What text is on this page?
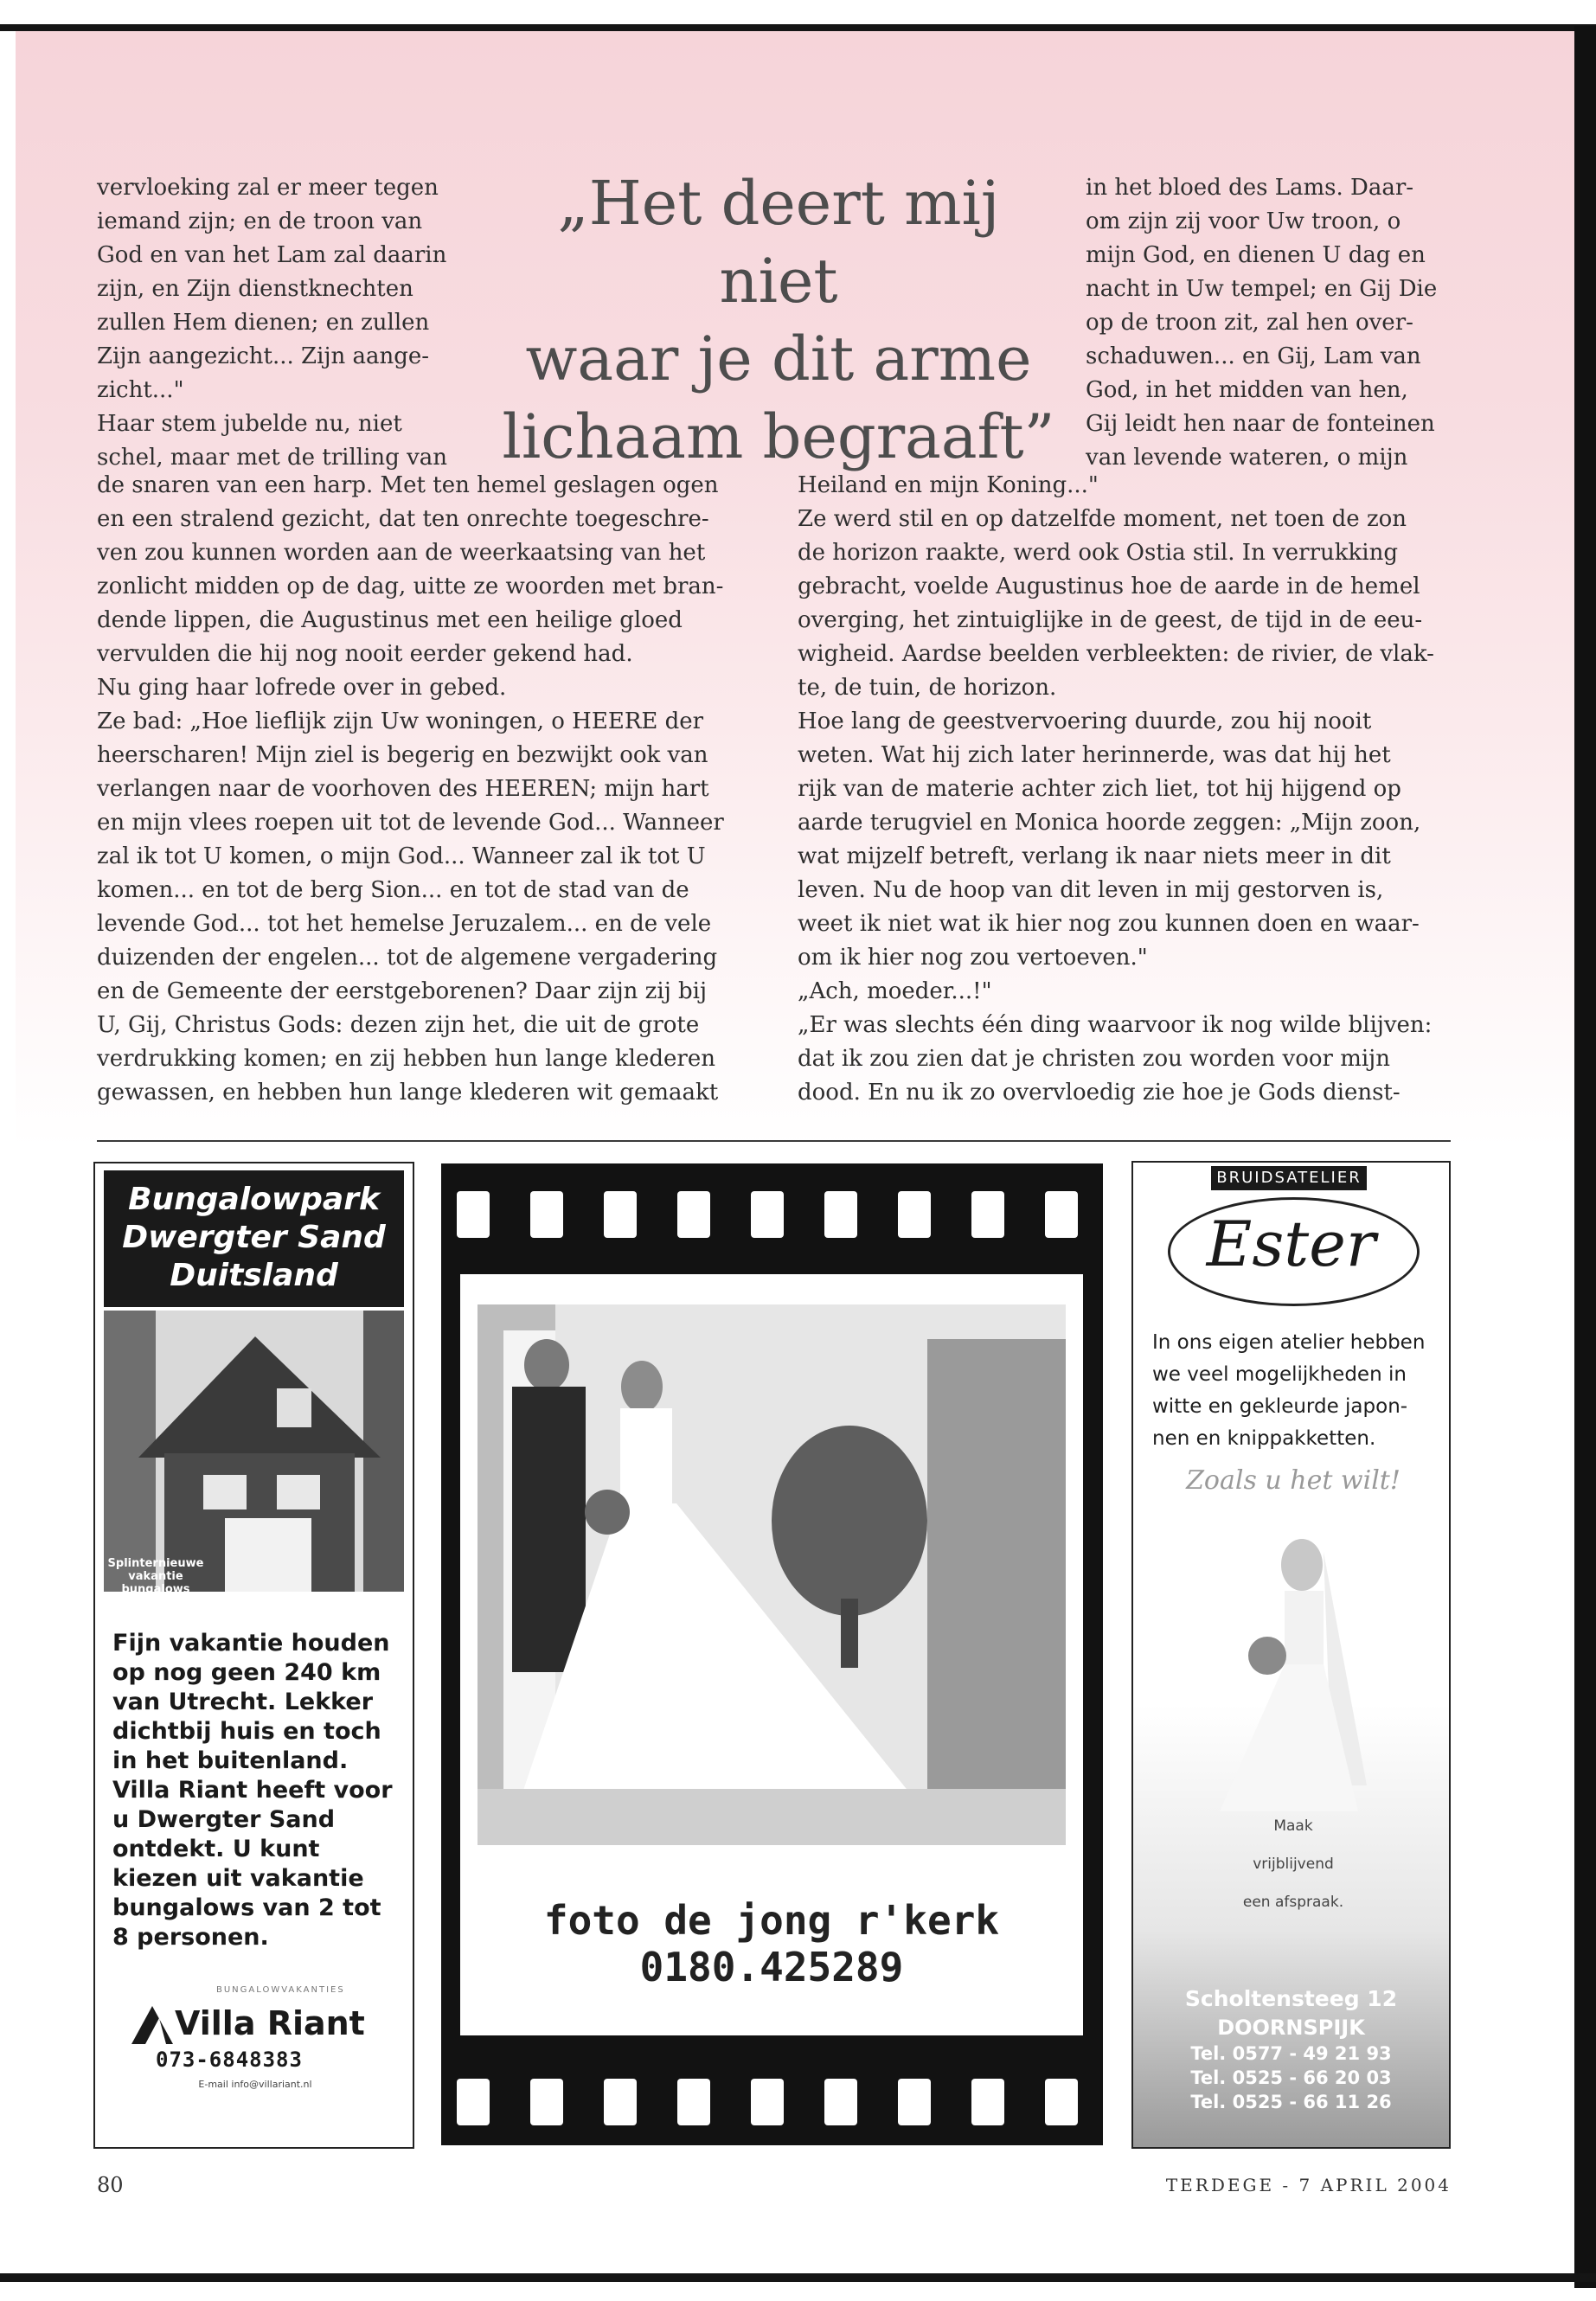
vervloeking zal er meer tegen

iemand zijn; en de troon van

God en van het Lam zal daarin

zijn, en Zijn dienstknechten

zullen Hem dienen; en zullen

Zijn aangezicht... Zijn aange-

zicht..."

Haar stem jubelde nu, niet

schel, maar met de trilling van

„Het deert mij niet
waar je dit arme
lichaam begraaft”

in het bloed des Lams. Daar-

om zijn zij voor Uw troon, o

mijn God, en dienen U dag en

nacht in Uw tempel; en Gij Die

op de troon zit, zal hen over-

schaduwen... en Gij, Lam van

God, in het midden van hen,

Gij leidt hen naar de fonteinen

van levende wateren, o mijn

de snaren van een harp. Met ten hemel geslagen ogen

en een stralend gezicht, dat ten onrechte toegeschre-

ven zou kunnen worden aan de weerkaatsing van het

zonlicht midden op de dag, uitte ze woorden met bran-

dende lippen, die Augustinus met een heilige gloed

vervulden die hij nog nooit eerder gekend had.

Nu ging haar lofrede over in gebed.

Ze bad: „Hoe lieflijk zijn Uw woningen, o HEERE der

heerscharen! Mijn ziel is begerig en bezwijkt ook van

verlangen naar de voorhoven des HEEREN; mijn hart

en mijn vlees roepen uit tot de levende God... Wanneer

zal ik tot U komen, o mijn God... Wanneer zal ik tot U

komen... en tot de berg Sion... en tot de stad van de

levende God... tot het hemelse Jeruzalem... en de vele

duizenden der engelen... tot de algemene vergadering

en de Gemeente der eerstgeborenen? Daar zijn zij bij

U, Gij, Christus Gods: dezen zijn het, die uit de grote

verdrukking komen; en zij hebben hun lange klederen

gewassen, en hebben hun lange klederen wit gemaakt

Heiland en mijn Koning..."

Ze werd stil en op datzelfde moment, net toen de zon

de horizon raakte, werd ook Ostia stil. In verrukking

gebracht, voelde Augustinus hoe de aarde in de hemel

overging, het zintuiglijke in de geest, de tijd in de eeu-

wigheid. Aardse beelden verbleekten: de rivier, de vlak-

te, de tuin, de horizon.

Hoe lang de geestvervoering duurde, zou hij nooit

weten. Wat hij zich later herinnerde, was dat hij het

rijk van de materie achter zich liet, tot hij hijgend op

aarde terugviel en Monica hoorde zeggen: „Mijn zoon,

wat mijzelf betreft, verlang ik naar niets meer in dit

leven. Nu de hoop van dit leven in mij gestorven is,

weet ik niet wat ik hier nog zou kunnen doen en waar-

om ik hier nog zou vertoeven."

„Ach, moeder...!"

„Er was slechts één ding waarvoor ik nog wilde blijven:

dat ik zou zien dat je christen zou worden voor mijn

dood. En nu ik zo overvloedig zie hoe je Gods dienst-

Bungalowpark
Dwergter Sand
Duitsland
Splinternieuwe
vakantie
bungalows
3 sterren
Fijn vakantie houden
op nog geen 240 km
van Utrecht. Lekker
dichtbij huis en toch
in het buitenland.
Villa Riant heeft voor
u Dwergter Sand
ontdekt. U kunt
kiezen uit vakantie
bungalows van 2 tot
8 personen.
BUNGALOWVAKANTIES
Villa Riant
073-6848383
E-mail info@villariant.nl
foto de jong r'kerk 0180.425289
BRUIDSATELIER
Ester
In ons eigen atelier hebben
we veel mogelijkheden in
witte en gekleurde japon-
nen en knippakketten.
Zoals u het wilt!
Maak
vrijblijvend
een afspraak.
Scholtensteeg 12
DOORNSPIJK
Tel. 0577 - 49 21 93
Tel. 0525 - 66 20 03
Tel. 0525 - 66 11 26
80	TERDEGE - 7 APRIL 2004
